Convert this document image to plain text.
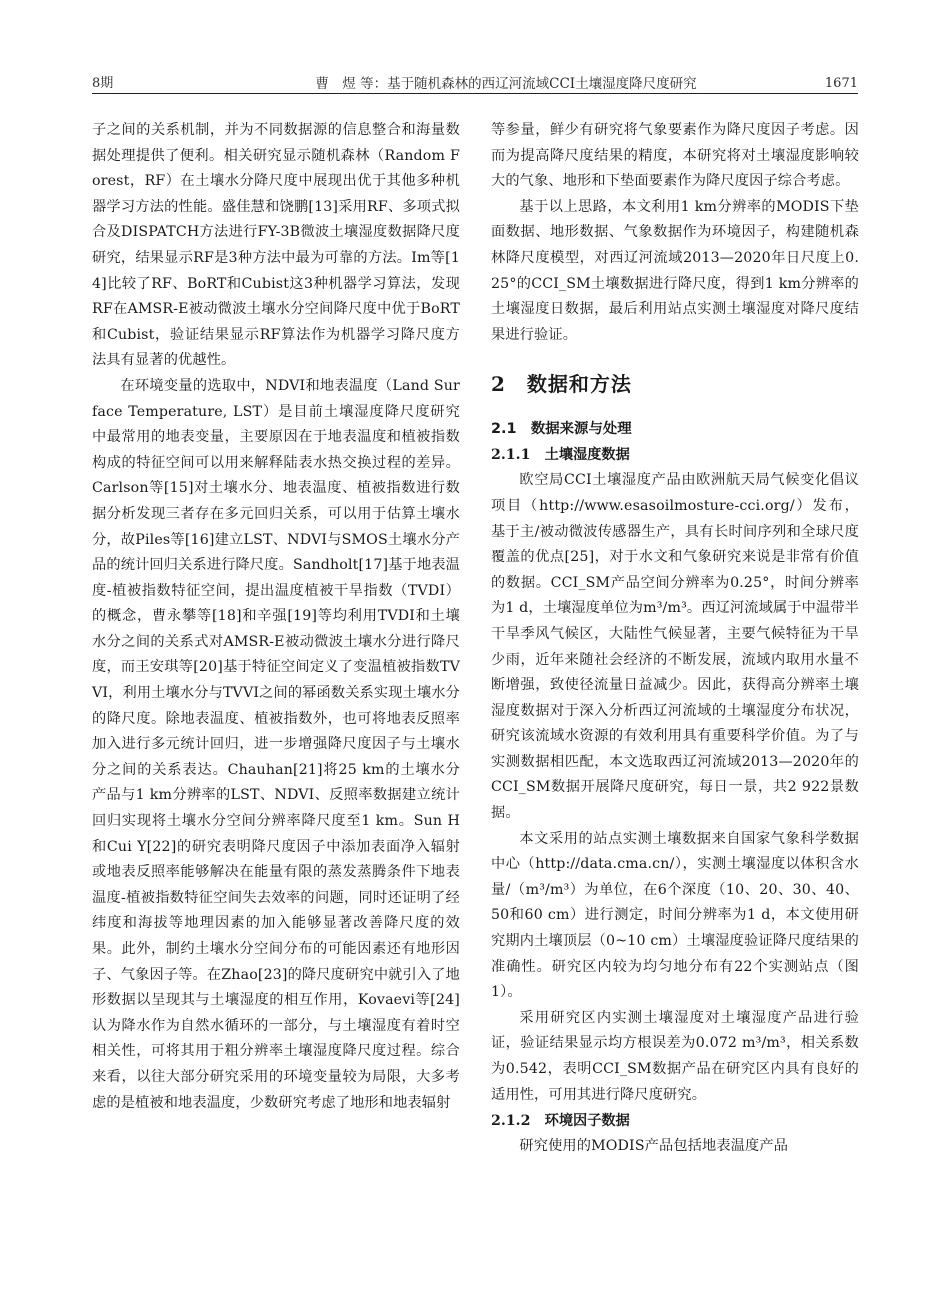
8期	曹　煜 等：基于随机森林的西辽河流域CCI土壤湿度降尺度研究	1671

子之间的关系机制，并为不同数据源的信息整合和海量数据处理提供了便利。相关研究显示随机森林（Random Forest，RF）在土壤水分降尺度中展现出优于其他多种机器学习方法的性能。盛佳慧和饶鹏[13]采用RF、多项式拟合及DISPATCH方法进行FY-3B微波土壤湿度数据降尺度研究，结果显示RF是3种方法中最为可靠的方法。Im等[14]比较了RF、BoRT和Cubist这3种机器学习算法，发现RF在AMSR-E被动微波土壤水分空间降尺度中优于BoRT和Cubist，验证结果显示RF算法作为机器学习降尺度方法具有显著的优越性。

在环境变量的选取中，NDVI和地表温度（Land Surface Temperature, LST）是目前土壤湿度降尺度研究中最常用的地表变量，主要原因在于地表温度和植被指数构成的特征空间可以用来解释陆表水热交换过程的差异。Carlson等[15]对土壤水分、地表温度、植被指数进行数据分析发现三者存在多元回归关系，可以用于估算土壤水分，故Piles等[16]建立LST、NDVI与SMOS土壤水分产品的统计回归关系进行降尺度。Sandholt[17]基于地表温度-植被指数特征空间，提出温度植被干旱指数（TVDI）的概念，曹永攀等[18]和辛强[19]等均利用TVDI和土壤水分之间的关系式对AMSR-E被动微波土壤水分进行降尺度，而王安琪等[20]基于特征空间定义了变温植被指数TVVI，利用土壤水分与TVVI之间的幂函数关系实现土壤水分的降尺度。除地表温度、植被指数外，也可将地表反照率加入进行多元统计回归，进一步增强降尺度因子与土壤水分之间的关系表达。Chauhan[21]将25 km的土壤水分产品与1 km分辨率的LST、NDVI、反照率数据建立统计回归实现将土壤水分空间分辨率降尺度至1 km。Sun H和Cui Y[22]的研究表明降尺度因子中添加表面净入辐射或地表反照率能够解决在能量有限的蒸发蒸腾条件下地表温度-植被指数特征空间失去效率的问题，同时还证明了经纬度和海拔等地理因素的加入能够显著改善降尺度的效果。此外，制约土壤水分空间分布的可能因素还有地形因子、气象因子等。在Zhao[23]的降尺度研究中就引入了地形数据以呈现其与土壤湿度的相互作用，Kovaevi等[24]认为降水作为自然水循环的一部分，与土壤湿度有着时空相关性，可将其用于粗分辨率土壤湿度降尺度过程。综合来看，以往大部分研究采用的环境变量较为局限，大多考虑的是植被和地表温度，少数研究考虑了地形和地表辐射

等参量，鲜少有研究将气象要素作为降尺度因子考虑。因而为提高降尺度结果的精度，本研究将对土壤湿度影响较大的气象、地形和下垫面要素作为降尺度因子综合考虑。

基于以上思路，本文利用1 km分辨率的MODIS下垫面数据、地形数据、气象数据作为环境因子，构建随机森林降尺度模型，对西辽河流域2013—2020年日尺度上0.25°的CCI_SM土壤数据进行降尺度，得到1 km分辨率的土壤湿度日数据，最后利用站点实测土壤湿度对降尺度结果进行验证。

2　数据和方法
2.1　数据来源与处理
2.1.1　土壤湿度数据

欧空局CCI土壤湿度产品由欧洲航天局气候变化倡议项目（http://www.esasoilmosture-cci.org/）发布，基于主/被动微波传感器生产，具有长时间序列和全球尺度覆盖的优点[25]，对于水文和气象研究来说是非常有价值的数据。CCI_SM产品空间分辨率为0.25°，时间分辨率为1 d，土壤湿度单位为m³/m³。西辽河流域属于中温带半干旱季风气候区，大陆性气候显著，主要气候特征为干旱少雨，近年来随社会经济的不断发展，流域内取用水量不断增强，致使径流量日益减少。因此，获得高分辨率土壤湿度数据对于深入分析西辽河流域的土壤湿度分布状况，研究该流域水资源的有效利用具有重要科学价值。为了与实测数据相匹配，本文选取西辽河流域2013—2020年的CCI_SM数据开展降尺度研究，每日一景，共2 922景数据。

本文采用的站点实测土壤数据来自国家气象科学数据中心（http://data.cma.cn/），实测土壤湿度以体积含水量/（m³/m³）为单位，在6个深度（10、20、30、40、50和60 cm）进行测定，时间分辨率为1 d，本文使用研究期内土壤顶层（0~10 cm）土壤湿度验证降尺度结果的准确性。研究区内较为均匀地分布有22个实测站点（图1）。

采用研究区内实测土壤湿度对土壤湿度产品进行验证，验证结果显示均方根误差为0.072 m³/m³，相关系数为0.542，表明CCI_SM数据产品在研究区内具有良好的适用性，可用其进行降尺度研究。

2.1.2　环境因子数据

研究使用的MODIS产品包括地表温度产品
